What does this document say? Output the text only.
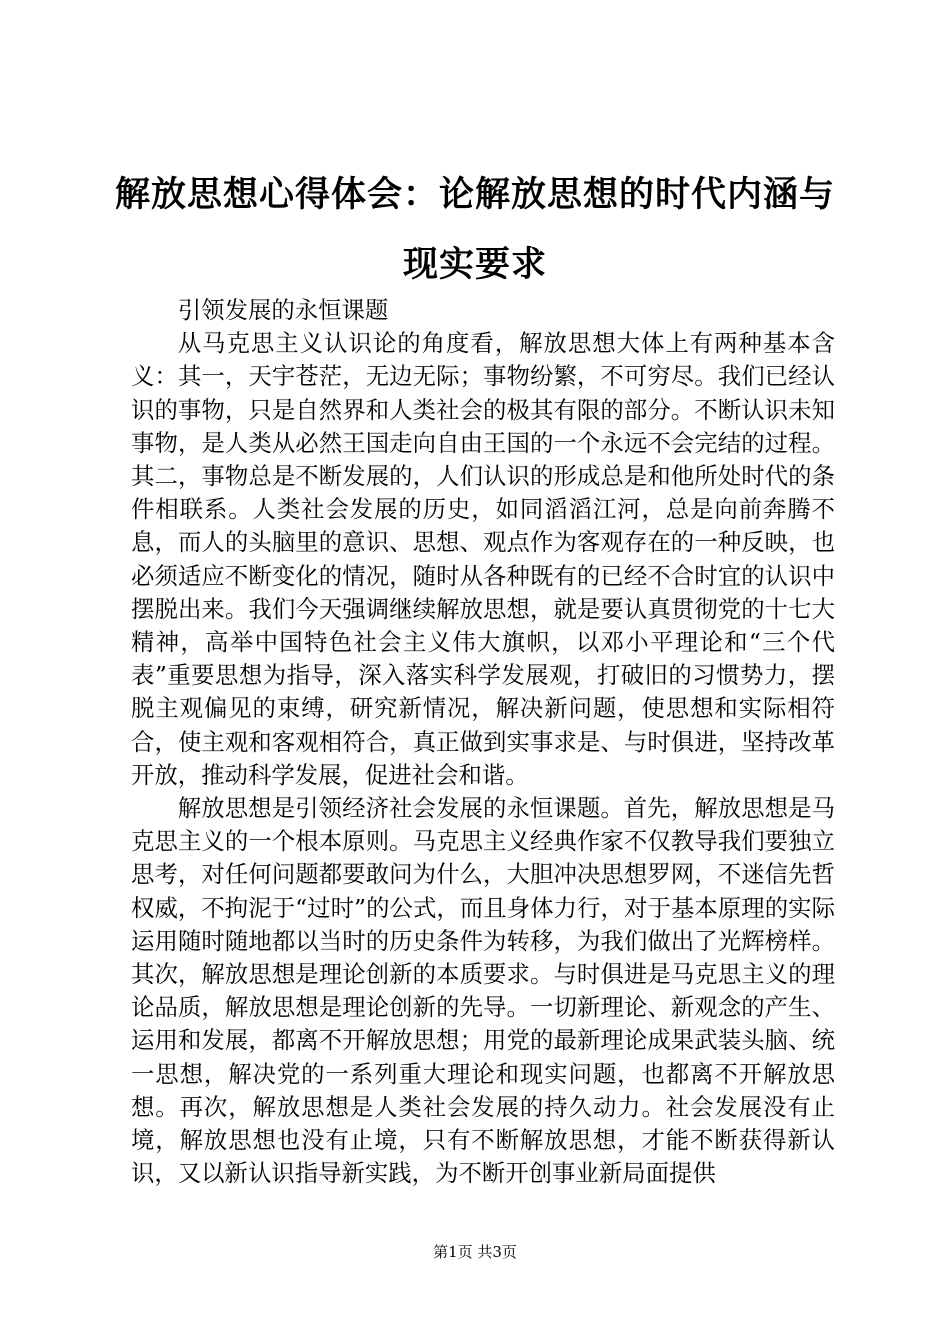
解放思想心得体会：论解放思想的时代内涵与现实要求

引领发展的永恒课题

从马克思主义认识论的角度看，解放思想大体上有两种基本含义：其一，天宇苍茫，无边无际；事物纷繁，不可穷尽。我们已经认识的事物，只是自然界和人类社会的极其有限的部分。不断认识未知事物，是人类从必然王国走向自由王国的一个永远不会完结的过程。其二，事物总是不断发展的，人们认识的形成总是和他所处时代的条件相联系。人类社会发展的历史，如同滔滔江河，总是向前奔腾不息，而人的头脑里的意识、思想、观点作为客观存在的一种反映，也必须适应不断变化的情况，随时从各种既有的已经不合时宜的认识中摆脱出来。我们今天强调继续解放思想，就是要认真贯彻党的十七大精神，高举中国特色社会主义伟大旗帜，以邓小平理论和“三个代表”重要思想为指导，深入落实科学发展观，打破旧的习惯势力，摆脱主观偏见的束缚，研究新情况，解决新问题，使思想和实际相符合，使主观和客观相符合，真正做到实事求是、与时俱进，坚持改革开放，推动科学发展，促进社会和谐。

解放思想是引领经济社会发展的永恒课题。首先，解放思想是马克思主义的一个根本原则。马克思主义经典作家不仅教导我们要独立思考，对任何问题都要敢问为什么，大胆冲决思想罗网，不迷信先哲权威，不拘泥于“过时”的公式，而且身体力行，对于基本原理的实际运用随时随地都以当时的历史条件为转移，为我们做出了光辉榜样。其次，解放思想是理论创新的本质要求。与时俱进是马克思主义的理论品质，解放思想是理论创新的先导。一切新理论、新观念的产生、运用和发展，都离不开解放思想；用党的最新理论成果武装头脑、统一思想，解决党的一系列重大理论和现实问题，也都离不开解放思想。再次，解放思想是人类社会发展的持久动力。社会发展没有止境，解放思想也没有止境，只有不断解放思想，才能不断获得新认识，又以新认识指导新实践，为不断开创事业新局面提供

第1页 共3页
